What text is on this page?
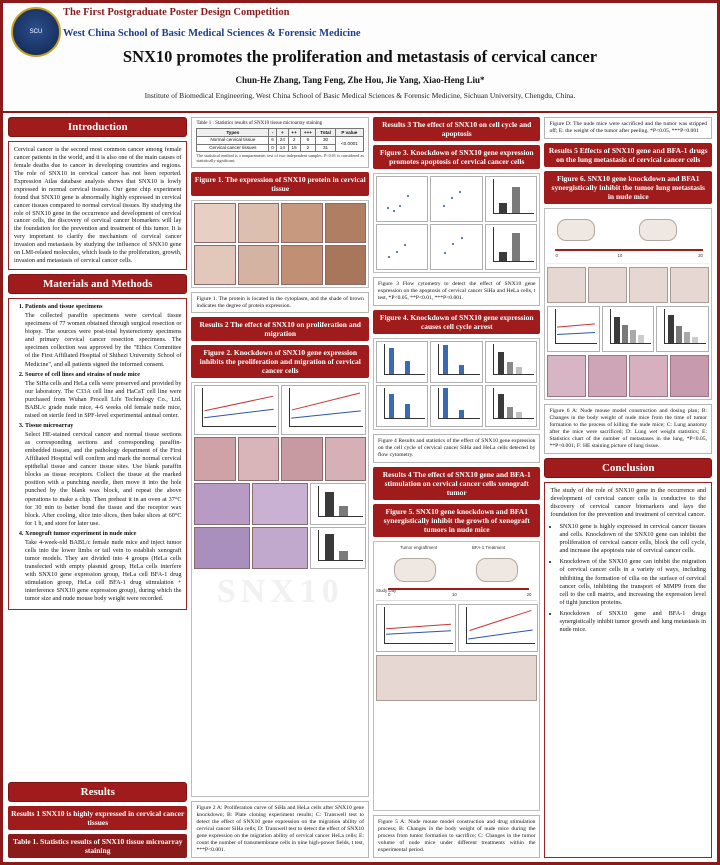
SCU
The First Postgraduate Poster Design Competition
West China School of Basic Medical Sciences & Forensic Medicine
SNX10 promotes the proliferation and metastasis of cervical cancer
Chun-He Zhang, Tang Feng, Zhe Hou, Jie Yang, Xiao-Heng Liu*
Institute of Biomedical Engineering, West China School of Basic Medical Sciences & Forensic Medicine, Sichuan University, Chengdu, China.
Introduction
Cervical cancer is the second most common cancer among female cancer patients in the world, and it is also one of the main causes of female deaths due to cancer in developing countries and regions. The role of SNX10 in cervical cancer has not been reported. Expression Atlas database analysis shows that SNX10 is lowly expressed in normal cervical tissues. Our gene chip experiment found that SNX10 gene is abnormally highly expressed in cervical cancer tissues compared to normal cervical tissues. By studying the role of SNX10 gene in the occurrence and development of cervical cancer cells, the discovery of cervical cancer biomarkers will lay the foundation for the prevention and treatment of this tumor. It is very important to clarify the mechanism of cervical cancer invasion and metastasis by studying the influence of SNX10 gene on LMI-related molecules, which leads to the proliferation, growth, invasion and metastasis of cervical cancer cells.
Materials and Methods
1. Patients and tissue specimens
The collected paraffin specimens were cervical tissue specimens of 77 women obtained through surgical resection or biopsy. The sources were post-total hysterectomy specimens and primary cervical cancer resection specimens. The specimen collection was approved by the "Ethics Committee of the First Affiliated Hospital of Shihezi University School of Medicine", and all patients signed the informed consent.
2. Source of cell lines and strains of nude mice
The SiHa cells and HeLa cells were preserved and provided by our laboratory. The C33A cell line and HaCaT cell line were purchased from Wuhan Procell Life Technology Co., Ltd. BABL/c grade nude mice, 4-6 weeks old female nude mice, raised on sterile feed in SPF-level experimental animal center.
3. Tissue microarray
Select HE-stained cervical cancer and normal tissue sections as corresponding sections and corresponding paraffin-embedded tissues, and the pathology department of the First Affiliated Hospital will confirm and mark the normal cervical epithelial tissue and cancer tissue sites. Use blank paraffin blocks as tissue receptors. Collect the tissue at the marked position with a punching needle, then move it into the hole punched by the blank wax block, and repeat the above operations to make a chip. Then preheat it in an oven at 37°C for 30 min to better bond the tissue and the receptor wax block. After cooling, slice into slices, then bake slices at 60°C for 1 h, and store for later use.
4. Xenograft tumor experiment in nude mice
Take 4-week-old BABL/c female nude mice and inject tumor cells into the lower limbs or tail vein to establish xenograft tumor models. They are divided into 4 groups (HeLa cells transfected with empty plasmid group, HeLa cells interfere with SNX10 gene expression group, HeLa cell BFA-1 drug stimulation group, HeLa cell BFA-1 drug stimulation + interference SNX10 gene expression group), during which the tumor size and nude mouse body weight were recorded.
Results
Results 1 SNX10 is highly expressed in cervical cancer tissues
Table 1. Statistics results of SNX10 tissue microarray staining
Table 1 : Statistics results of SNX10 tissue microarray staining
Types	-	+	++	+++	Total	P value
Normal cervical tissue	6	24	2	6	30	<0.0001
Cervical cancer tissues	0	14	15	2	31	
The statistical method is a nonparametric test of two independent samples. P<0.01 is considered as statistically significant.
Figure 1. The expression of SNX10 protein in cervical tissue
Figure 1. The protein is located in the cytoplasm, and the shade of brown indicates the degree of protein expression.
Results 2 The effect of SNX10 on proliferation and migration
Figure 2. Knockdown of SNX10 gene expression inhibits the proliferation and migration of cervical cancer cells
SNX10
Figure 2 A: Proliferation curve of SiHa and HeLa cells after SNX10 gene knockdown; B: Plate cloning experiment results; C: Transwell test to detect the effect of SNX10 gene expression on the migration ability of cervical cancer SiHa cells; D: Transwell test to detect the effect of SNX10 gene expression on the migration ability of cervical cancer HeLa cells; E: count the number of transmembrane cells in nine high-power fields, t test, ***P<0.001.
Results 3 The effect of SNX10 on cell cycle and apoptosis
Figure 3. Knockdown of SNX10 gene expression promotes apoptosis of cervical cancer cells
Figure 3 Flow cytometry to detect the effect of SNX10 gene expression on the apoptosis of cervical cancer SiHa and HeLa cells, t test, *P<0.05, **P<0.01, ***P<0.001.
Figure 4. Knockdown of SNX10 gene expression causes cell cycle arrest
Figure 4 Results and statistics of the effect of SNX10 gene expression on the cell cycle of cervical cancer SiHa and HeLa cells detected by flow cytometry.
Results 4 The effect of SNX10 gene and BFA-1 stimulation on cervical cancer cells xenograft tumor
Figure 5. SNX10 gene knockdown and BFA1 synergistically inhibit the growth of xenograft tumors in nude mice
Tumor engraftment	BFA-1 Treatment
Study Day
0	10	20
Figure 5 A: Nude mouse model construction and drug stimulation process; B: Changes in the body weight of nude mice during the process from tumor formation to sacrifice; C: Changes in the tumor volume of nude mice under different treatments within the experimental period.
Figure D: The nude mice were sacrificed and the tumor was stripped off; E: the weight of the tumor after peeling. *P<0.05, ***P<0.001
Results 5 Effects of SNX10 gene and BFA-1 drugs on the lung metastasis of cervical cancer cells
Figure 6. SNX10 gene knockdown and BFA1 synergistically inhibit the tumor lung metastasis in nude mice
0	10	20
Figure 6 A: Nude mouse model construction and dosing plan; B: Changes in the body weight of nude mice from the time of tumor formation to the process of killing the nude mice; C: Lung anatomy after the mice were sacrificed; D: Lung wet weight statistics; E: Statistics chart of the number of metastases in the lung, *P<0.05, **P<0.001; F: HE staining picture of lung tissue.
Conclusion
The study of the role of SNX10 gene in the occurrence and development of cervical cancer cells is conducive to the discovery of cervical cancer biomarkers and lays the foundation for the prevention and treatment of cervical cancer.
• SNX10 gene is highly expressed in cervical cancer tissues and cells. Knockdown of the SNX10 gene can inhibit the proliferation of cervical cancer cells, block the cell cycle, and increase the apoptosis rate of cervical cancer cells.
• Knockdown of the SNX10 gene can inhibit the migration of cervical cancer cells in a variety of ways, including inhibiting the formation of cilia on the surface of cervical cancer cells, inhibiting the transport of MMP9 from the cell to the cell matrix, and increasing the expression level of tight junction proteins.
• Knockdown of SNX10 gene and BFA-1 drugs synergistically inhibit tumor growth and lung metastasis in nude mice.
